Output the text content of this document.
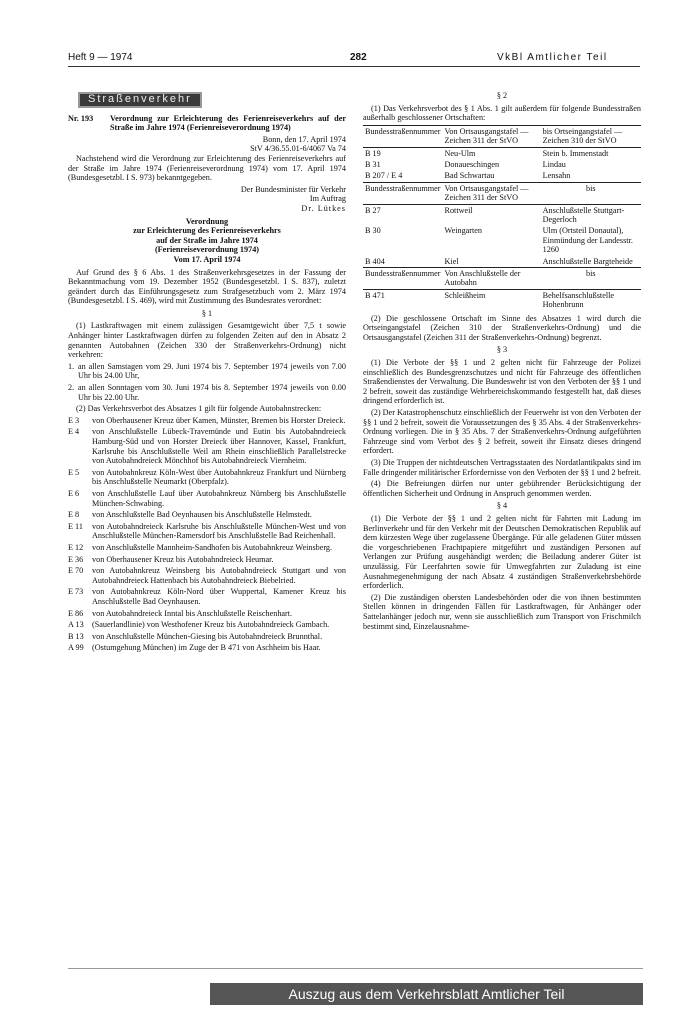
Heft 9 — 1974	282	VkBl Amtlicher Teil
Straßenverkehr
Nr. 193	Verordnung zur Erleichterung des Ferienreiseverkehrs auf der Straße im Jahre 1974 (Ferienreiseverordnung 1974)
Bonn, den 17. April 1974
StV 4/36.55.01-6/4067 Va 74

Nachstehend wird die Verordnung zur Erleichterung des Ferienreiseverkehrs auf der Straße im Jahre 1974 (Ferienreiseverordnung 1974) vom 17. April 1974 (Bundesgesetzbl. I S. 973) bekanntgegeben.

Der Bundesminister für Verkehr
Im Auftrag
Dr. Lütkes
Verordnung
zur Erleichterung des Ferienreiseverkehrs
auf der Straße im Jahre 1974
(Ferienreiseverordnung 1974)
Vom 17. April 1974

Auf Grund des § 6 Abs. 1 des Straßenverkehrsgesetzes in der Fassung der Bekanntmachung vom 19. Dezember 1952 (Bundesgesetzbl. I S. 837), zuletzt geändert durch das Einführungsgesetz zum Strafgesetzbuch vom 2. März 1974 (Bundesgesetzbl. I S. 469), wird mit Zustimmung des Bundesrates verordnet:

§ 1

(1) Lastkraftwagen mit einem zulässigen Gesamtgewicht über 7,5 t sowie Anhänger hinter Lastkraftwagen dürfen zu folgenden Zeiten auf den in Absatz 2 genannten Autobahnen (Zeichen 330 der Straßenverkehrs-Ordnung) nicht verkehren:

1. an allen Samstagen vom 29. Juni 1974 bis 7. September 1974 jeweils von 7.00 Uhr bis 24.00 Uhr,
2. an allen Sonntagen vom 30. Juni 1974 bis 8. September 1974 jeweils von 0.00 Uhr bis 22.00 Uhr.

(2) Das Verkehrsverbot des Absatzes 1 gilt für folgende Autobahnstrecken:

E 3	von Oberhausener Kreuz über Kamen, Münster, Bremen bis Horster Dreieck.
E 4	von Anschlußstelle Lübeck-Travemünde und Eutin bis Autobahndreieck Hamburg-Süd und von Horster Dreieck über Hannover, Kassel, Frankfurt, Karlsruhe bis Anschlußstelle Weil am Rhein einschließlich Parallelstrecke von Autobahndreieck Mönchhof bis Autobahndreieck Viernheim.
E 5	von Autobahnkreuz Köln-West über Autobahnkreuz Frankfurt und Nürnberg bis Anschlußstelle Neumarkt (Oberpfalz).
E 6	von Anschlußstelle Lauf über Autobahnkreuz Nürnberg bis Anschlußstelle München-Schwabing.
E 8	von Anschlußstelle Bad Oeynhausen bis Anschlußstelle Helmstedt.
E 11	von Autobahndreieck Karlsruhe bis Anschlußstelle München-West und von Anschlußstelle München-Ramersdorf bis Anschlußstelle Bad Reichenhall.
E 12	von Anschlußstelle Mannheim-Sandhofen bis Autobahnkreuz Weinsberg.
E 36	von Oberhausener Kreuz bis Autobahndreieck Heumar.
E 70	von Autobahnkreuz Weinsberg bis Autobahndreieck Stuttgart und von Autobahndreieck Hattenbach bis Autobahndreieck Biebelried.
E 73	von Autobahnkreuz Köln-Nord über Wuppertal, Kamener Kreuz bis Anschlußstelle Bad Oeynhausen.
E 86	von Autobahndreieck Inntal bis Anschlußstelle Reischenhart.
A 13	(Sauerlandlinie) von Westhofener Kreuz bis Autobahndreieck Gambach.
B 13	von Anschlußstelle München-Giesing bis Autobahndreieck Brunnthal.
A 99	(Ostumgehung München) im Zuge der B 471 von Aschheim bis Haar.
§ 2

(1) Das Verkehrsverbot des § 1 Abs. 1 gilt außerdem für folgende Bundesstraßen außerhalb geschlossener Ortschaften:

Bundesstraßennummer	Von Ortsausgangstafel — Zeichen 311 der StVO	bis Ortseingangstafel — Zeichen 310 der StVO
B 19	Neu-Ulm	Stein b. Immenstadt
B 31	Donaueschingen	Lindau
B 207 / E 4	Bad Schwartau	Lensahn
Bundesstraßennummer	Von Ortsausgangstafel — Zeichen 311 der StVO	bis
B 27	Rottweil	Anschlußstelle Stuttgart-Degerloch
B 30	Weingarten	Ulm (Ortsteil Donautal), Einmündung der Landesstr. 1260
B 404	Kiel	Anschlußstelle Bargteheide
Bundesstraßennummer	Von Anschlußstelle der Autobahn	bis
B 471	Schleißheim	Behelfsanschlußstelle Hohenbrunn

(2) Die geschlossene Ortschaft im Sinne des Absatzes 1 wird durch die Ortseingangstafel (Zeichen 310 der Straßenverkehrs-Ordnung) und die Ortsausgangstafel (Zeichen 311 der Straßenverkehrs-Ordnung) begrenzt.

§ 3

(1) Die Verbote der §§ 1 und 2 gelten nicht für Fahrzeuge der Polizei einschließlich des Bundesgrenzschutzes und nicht für Fahrzeuge des öffentlichen Straßendienstes der Verwaltung. Die Bundeswehr ist von den Verboten der §§ 1 und 2 befreit, soweit das zuständige Wehrbereichskommando festgestellt hat, daß dieses dringend erforderlich ist.

(2) Der Katastrophenschutz einschließlich der Feuerwehr ist von den Verboten der §§ 1 und 2 befreit, soweit die Voraussetzungen des § 35 Abs. 4 der Straßenverkehrs-Ordnung vorliegen. Die in § 35 Abs. 7 der Straßenverkehrs-Ordnung aufgeführten Fahrzeuge sind vom Verbot des § 2 befreit, soweit ihr Einsatz dieses dringend erfordert.

(3) Die Truppen der nichtdeutschen Vertragsstaaten des Nordatlantikpakts sind im Falle dringender militärischer Erfordernisse von den Verboten der §§ 1 und 2 befreit.

(4) Die Befreiungen dürfen nur unter gebührender Berücksichtigung der öffentlichen Sicherheit und Ordnung in Anspruch genommen werden.

§ 4

(1) Die Verbote der §§ 1 und 2 gelten nicht für Fahrten mit Ladung im Berlinverkehr und für den Verkehr mit der Deutschen Demokratischen Republik auf dem kürzesten Wege über zugelassene Übergänge. Für alle geladenen Güter müssen die vorgeschriebenen Frachtpapiere mitgeführt und zuständigen Personen auf Verlangen zur Prüfung ausgehändigt werden; die Beiladung anderer Güter ist unzulässig. Für Leerfahrten sowie für Umwegfahrten zur Zuladung ist eine Ausnahmegenehmigung der nach Absatz 4 zuständigen Straßenverkehrsbehörde erforderlich.

(2) Die zuständigen obersten Landesbehörden oder die von ihnen bestimmten Stellen können in dringenden Fällen für Lastkraftwagen, für Anhänger oder Sattelanhänger jedoch nur, wenn sie ausschließlich zum Transport von Frischmilch bestimmt sind, Einzelausnahme-

Auszug aus dem Verkehrsblatt Amtlicher Teil
